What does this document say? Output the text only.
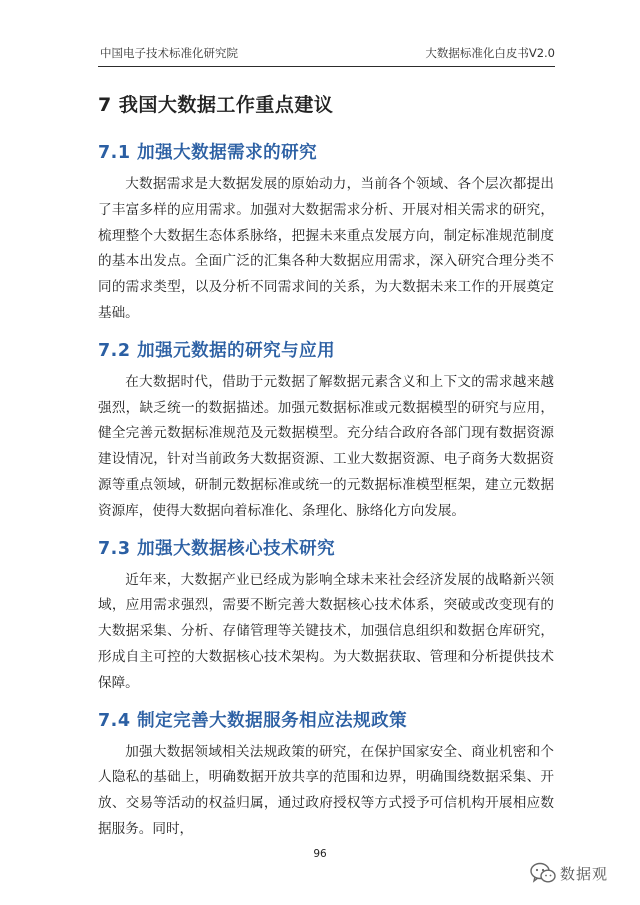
中国电子技术标准化研究院	大数据标准化白皮书V2.0
7 我国大数据工作重点建议
7.1 加强大数据需求的研究

大数据需求是大数据发展的原始动力，当前各个领域、各个层次都提出了丰富多样的应用需求。加强对大数据需求分析、开展对相关需求的研究，梳理整个大数据生态体系脉络，把握未来重点发展方向，制定标准规范制度的基本出发点。全面广泛的汇集各种大数据应用需求，深入研究合理分类不同的需求类型，以及分析不同需求间的关系，为大数据未来工作的开展奠定基础。

7.2 加强元数据的研究与应用

在大数据时代，借助于元数据了解数据元素含义和上下文的需求越来越强烈，缺乏统一的数据描述。加强元数据标准或元数据模型的研究与应用，健全完善元数据标准规范及元数据模型。充分结合政府各部门现有数据资源建设情况，针对当前政务大数据资源、工业大数据资源、电子商务大数据资源等重点领域，研制元数据标准或统一的元数据标准模型框架，建立元数据资源库，使得大数据向着标准化、条理化、脉络化方向发展。

7.3 加强大数据核心技术研究

近年来，大数据产业已经成为影响全球未来社会经济发展的战略新兴领域，应用需求强烈，需要不断完善大数据核心技术体系，突破或改变现有的大数据采集、分析、存储管理等关键技术，加强信息组织和数据仓库研究，形成自主可控的大数据核心技术架构。为大数据获取、管理和分析提供技术保障。

7.4 制定完善大数据服务相应法规政策

加强大数据领域相关法规政策的研究，在保护国家安全、商业机密和个人隐私的基础上，明确数据开放共享的范围和边界，明确围绕数据采集、开放、交易等活动的权益归属，通过政府授权等方式授予可信机构开展相应数据服务。同时，

96
数据观
